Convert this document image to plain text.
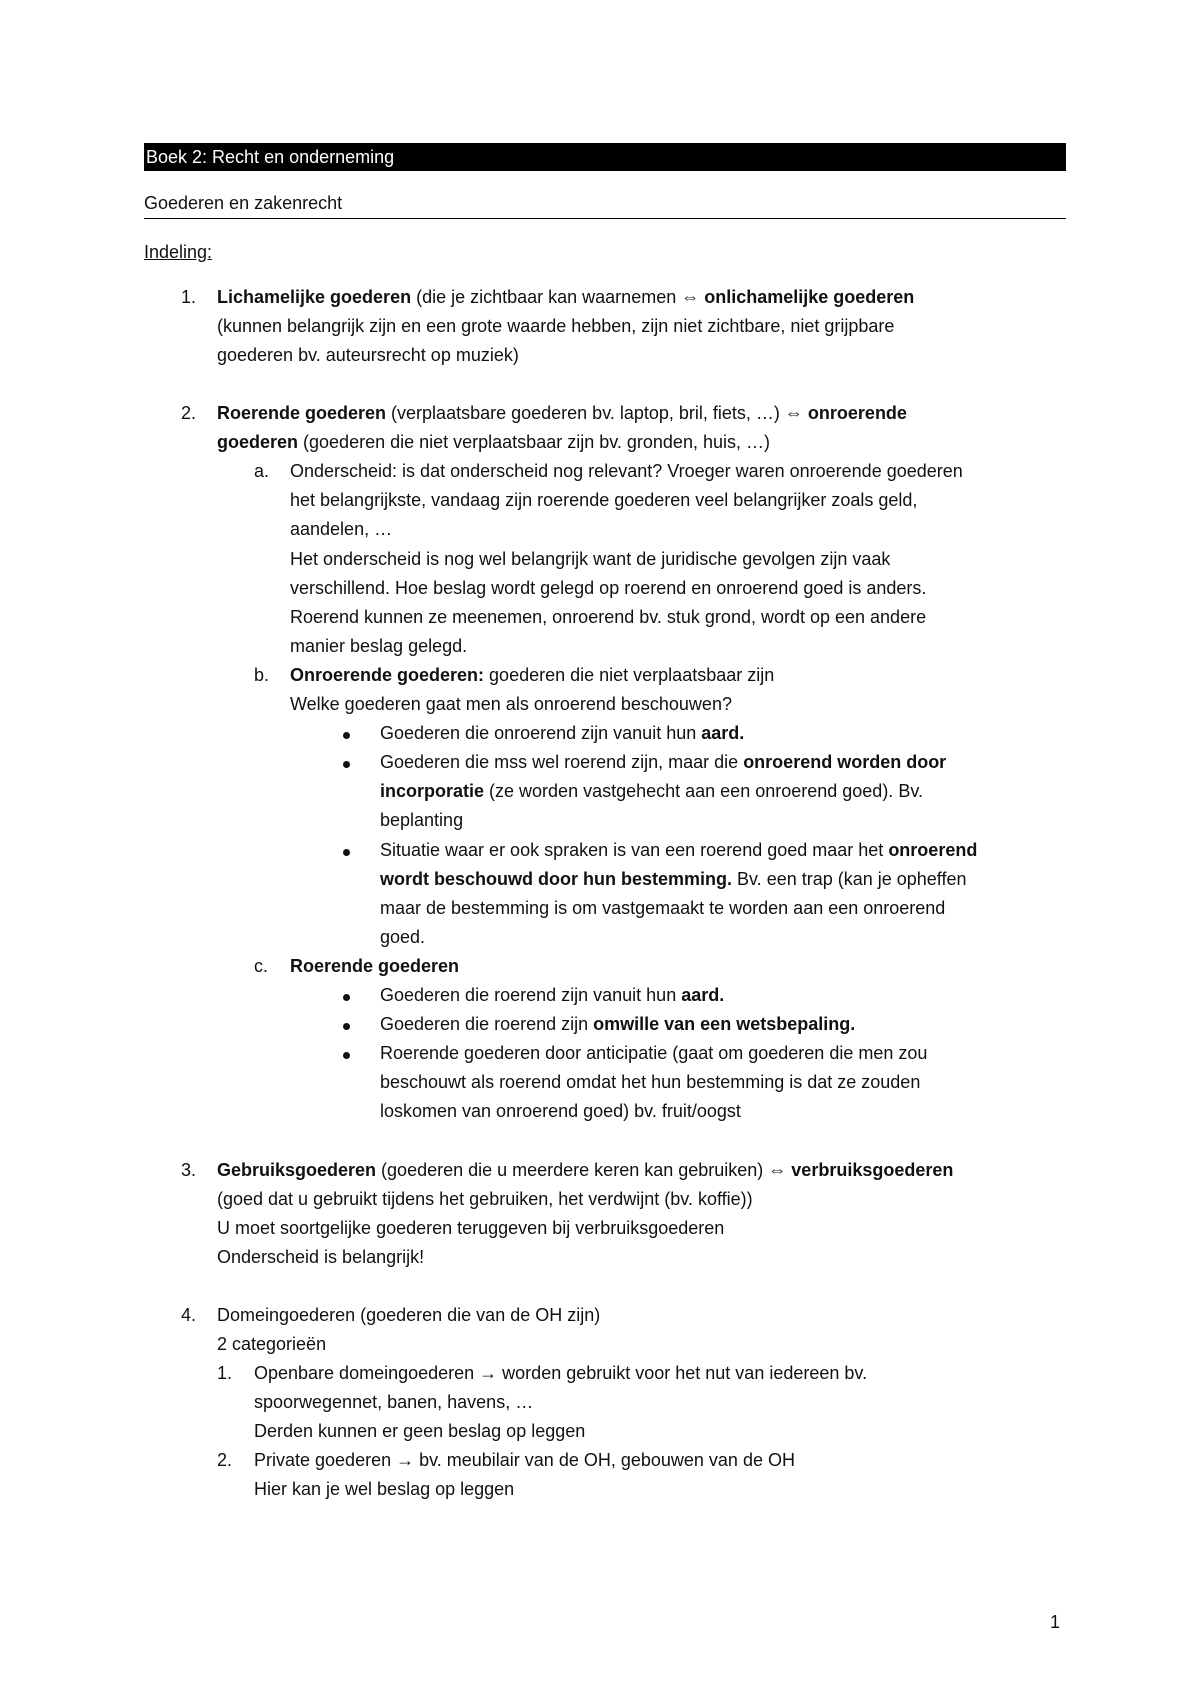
Boek 2: Recht en onderneming
Goederen en zakenrecht
Indeling:
1. Lichamelijke goederen (die je zichtbaar kan waarnemen ⇔ onlichamelijke goederen
(kunnen belangrijk zijn en een grote waarde hebben, zijn niet zichtbare, niet grijpbare
goederen bv. auteursrecht op muziek)
2. Roerende goederen (verplaatsbare goederen bv. laptop, bril, fiets, …) ⇔ onroerende
goederen (goederen die niet verplaatsbaar zijn bv. gronden, huis, …)
a. Onderscheid: is dat onderscheid nog relevant? Vroeger waren onroerende goederen
het belangrijkste, vandaag zijn roerende goederen veel belangrijker zoals geld,
aandelen, …
Het onderscheid is nog wel belangrijk want de juridische gevolgen zijn vaak
verschillend. Hoe beslag wordt gelegd op roerend en onroerend goed is anders.
Roerend kunnen ze meenemen, onroerend bv. stuk grond, wordt op een andere
manier beslag gelegd.
b. Onroerende goederen: goederen die niet verplaatsbaar zijn
Welke goederen gaat men als onroerend beschouwen?
Goederen die onroerend zijn vanuit hun aard.
Goederen die mss wel roerend zijn, maar die onroerend worden door
incorporatie (ze worden vastgehecht aan een onroerend goed). Bv.
beplanting
Situatie waar er ook spraken is van een roerend goed maar het onroerend
wordt beschouwd door hun bestemming. Bv. een trap (kan je opheffen
maar de bestemming is om vastgemaakt te worden aan een onroerend
goed.
c. Roerende goederen
Goederen die roerend zijn vanuit hun aard.
Goederen die roerend zijn omwille van een wetsbepaling.
Roerende goederen door anticipatie (gaat om goederen die men zou
beschouwt als roerend omdat het hun bestemming is dat ze zouden
loskomen van onroerend goed) bv. fruit/oogst
3. Gebruiksgoederen (goederen die u meerdere keren kan gebruiken) ⇔ verbruiksgoederen
(goed dat u gebruikt tijdens het gebruiken, het verdwijnt (bv. koffie))
U moet soortgelijke goederen teruggeven bij verbruiksgoederen
Onderscheid is belangrijk!
4. Domeingoederen (goederen die van de OH zijn)
2 categorieën
1. Openbare domeingoederen → worden gebruikt voor het nut van iedereen bv.
spoorwegennet, banen, havens, …
Derden kunnen er geen beslag op leggen
2. Private goederen → bv. meubilair van de OH, gebouwen van de OH
Hier kan je wel beslag op leggen
1
